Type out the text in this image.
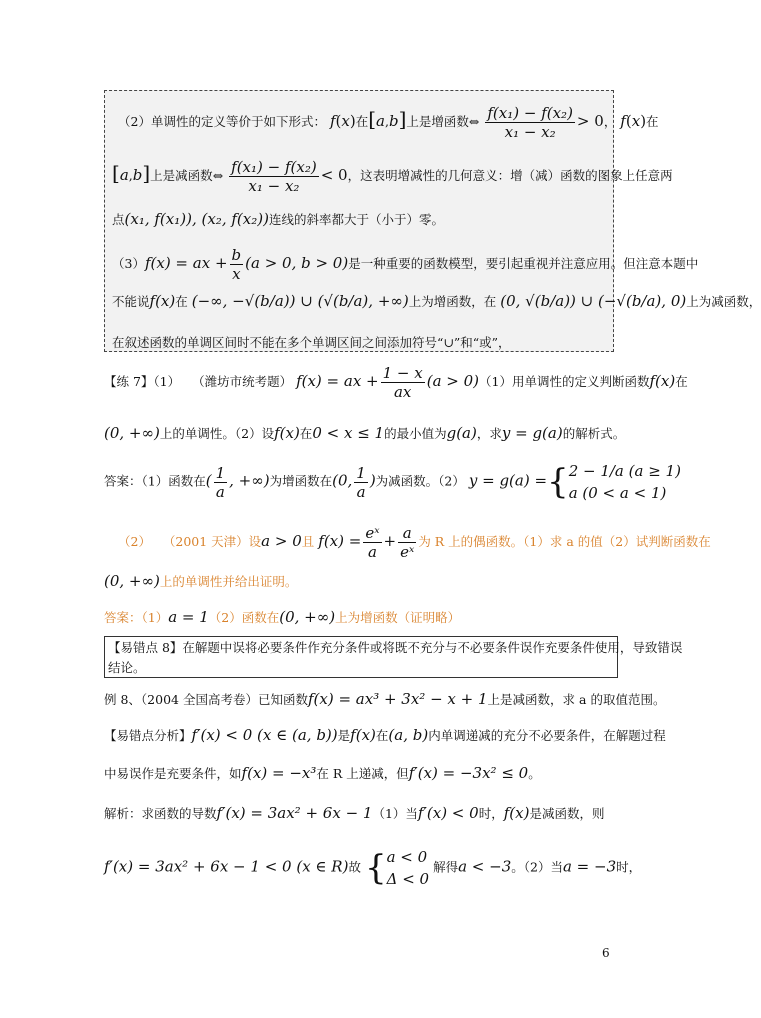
（2）单调性的定义等价于如下形式： f(x)在[a,b]上是增函数⇔ $\frac{\text{f(x₁) − f(x₂)}}{\text{x₁ − x₂}} > 0$， f(x)在
[a,b]上是减函数⇔ $\frac{\text{f(x₁) − f(x₂)}}{\text{x₁ − x₂}} < 0$，这表明增减性的几何意义：增（减）函数的图象上任意两
点(x₁, f(x₁)), (x₂, f(x₂))连线的斜率都大于（小于）零。
（3）f(x) = ax + $\frac{b}{x} (a > 0$, b > 0)是一种重要的函数模型，要引起重视并注意应用。但注意本题中
不能说f(x)在 (−∞, −√(b/a)) ∪ (√(b/a), +∞)上为增函数，在 (0, √(b/a)) ∪ (−√(b/a), 0)上为减函数，
在叙述函数的单调区间时不能在多个单调区间之间添加符号“∪”和“或”，
【练 7】（1） （潍坊市统考题） f(x) = ax + $\frac{1 - x}{ax} (a > 0)(1)$用单调性的定义判断函数f(x)在
(0, +∞)上的单调性。（2）设f(x)在0 < x ≤ 1的最小值为g(a)，求y = g(a)的解析式。
答案：（1）函数在( $\frac{1}{a}$ , +∞)为增函数在(0, $\frac{1}{a}$ )为减函数。（2） y = g(a) ={ 2 − 1/a (a ≥ 1)
a (0 < a < 1)
（2） （2001 天津）设a > 0且 $f(x) = \frac{\text{eˣ}}{a} + \frac{a}{\text{eˣ}}$ 为 R 上的偶函数。（1）求 a 的值（2）试判断函数在
(0, +∞)上的单调性并给出证明。
答案：（1）a = 1（2）函数在(0, +∞)上为增函数（证明略）
【易错点 8】在解题中误将必要条件作充分条件或将既不充分与不必要条件误作充要条件使用，导致错误
结论。
例 8、（2004 全国高考卷）已知函数f(x) = ax³ + 3x² − x + 1上是减函数，求 a 的取值范围。
【易错点分析】f′(x) < 0 (x ∈ (a, b))是f(x)在(a, b)内单调递减的充分不必要条件，在解题过程
中易误作是充要条件，如f(x) = −x³在 R 上递减，但f′(x) = −3x² ≤ 0。
解析：求函数的导数f′(x) = 3ax² + 6x − 1（1）当f′(x) < 0时，f(x)是减函数，则
f′(x) = 3ax² + 6x − 1 < 0 (x ∈ R)故 { a < 0
Δ < 0
解得a < −3。（2）当a = −3时，
6
